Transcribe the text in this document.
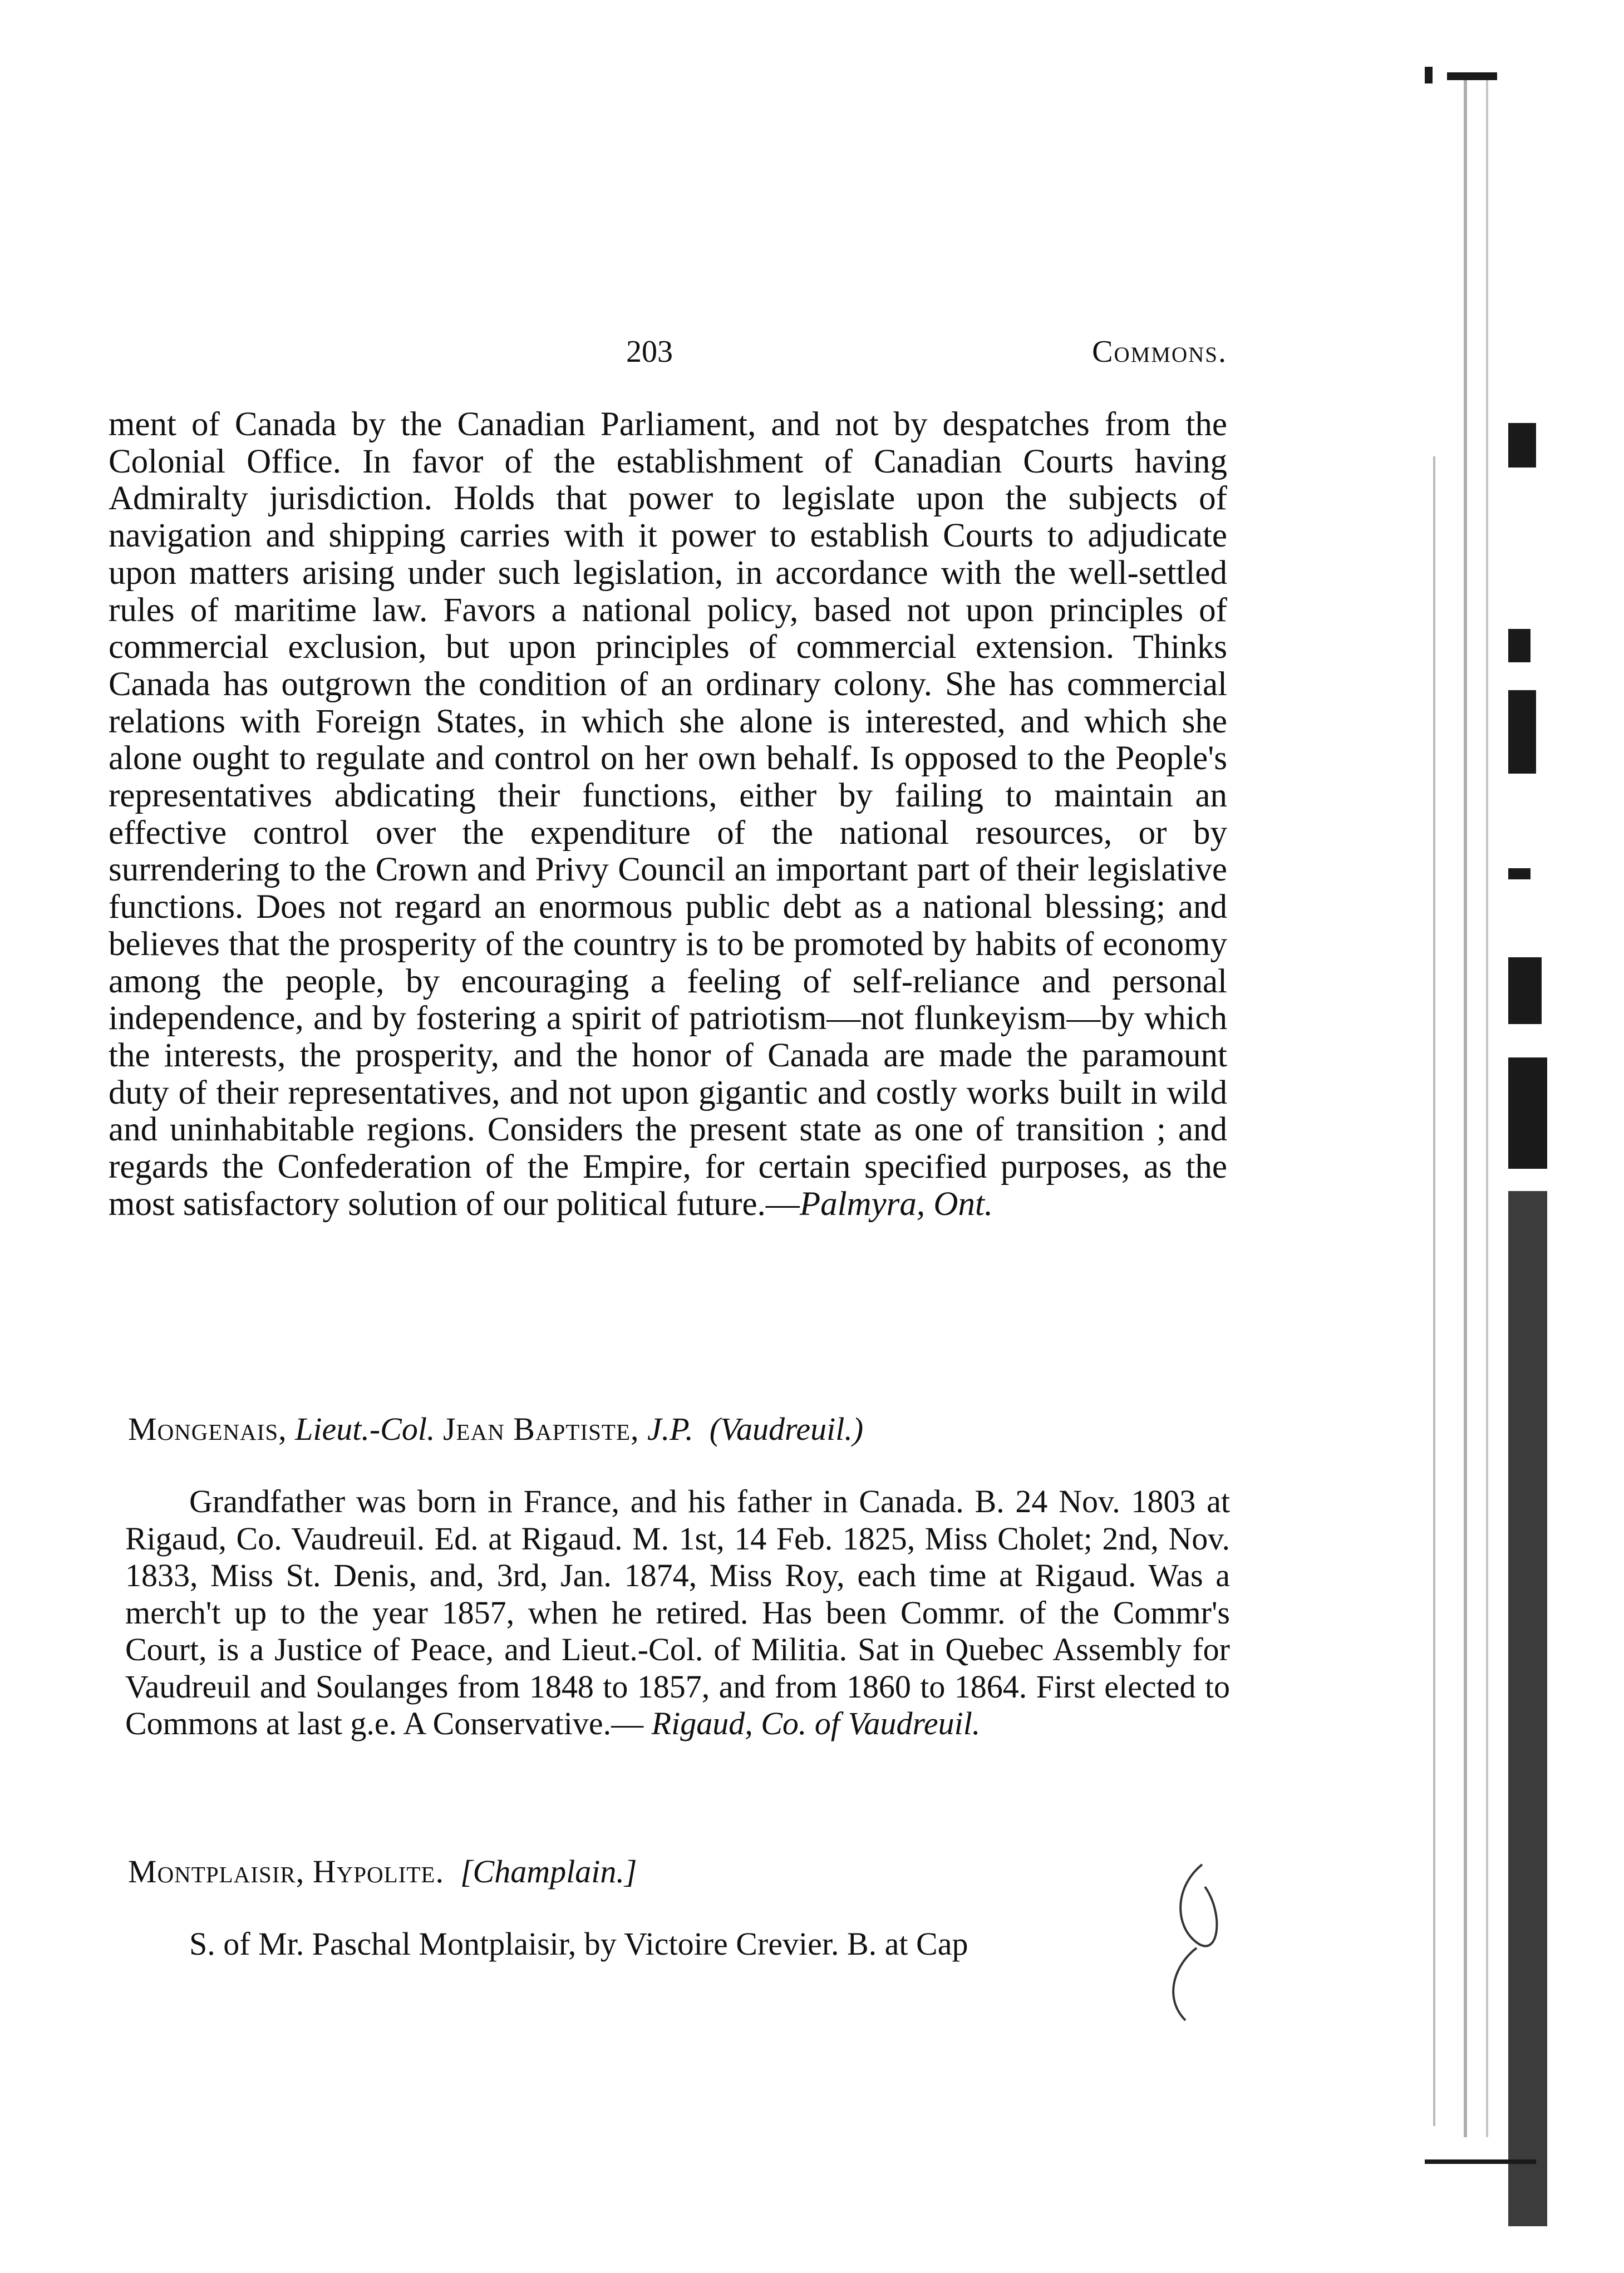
203	Commons.

ment of Canada by the Canadian Parliament, and not by despatches from the Colonial Office. In favor of the establishment of Canadian Courts having Admiralty jurisdiction. Holds that power to legislate upon the subjects of navigation and shipping carries with it power to establish Courts to adjudicate upon matters arising under such legislation, in accordance with the well-settled rules of maritime law. Favors a national policy, based not upon principles of commercial exclusion, but upon principles of commercial extension. Thinks Canada has outgrown the condition of an ordinary colony. She has commercial relations with Foreign States, in which she alone is interested, and which she alone ought to regulate and control on her own behalf. Is opposed to the People's representatives abdicating their functions, either by failing to maintain an effective control over the expenditure of the national resources, or by surrendering to the Crown and Privy Council an important part of their legislative functions. Does not regard an enormous public debt as a national blessing; and believes that the prosperity of the country is to be promoted by habits of economy among the people, by encouraging a feeling of self-reliance and personal independence, and by fostering a spirit of patriotism—not flunkeyism—by which the interests, the prosperity, and the honor of Canada are made the paramount duty of their representatives, and not upon gigantic and costly works built in wild and uninhabitable regions. Considers the present state as one of transition ; and regards the Confederation of the Empire, for certain specified purposes, as the most satisfactory solution of our political future.—Palmyra, Ont.

Mongenais, Lieut.-Col. Jean Baptiste, J.P. (Vaudreuil.)

Grandfather was born in France, and his father in Canada. B. 24 Nov. 1803 at Rigaud, Co. Vaudreuil. Ed. at Rigaud. M. 1st, 14 Feb. 1825, Miss Cholet; 2nd, Nov. 1833, Miss St. Denis, and, 3rd, Jan. 1874, Miss Roy, each time at Rigaud. Was a merch't up to the year 1857, when he retired. Has been Commr. of the Commr's Court, is a Justice of Peace, and Lieut.-Col. of Militia. Sat in Quebec Assembly for Vaudreuil and Soulanges from 1848 to 1857, and from 1860 to 1864. First elected to Commons at last g.e. A Conservative.— Rigaud, Co. of Vaudreuil.

Montplaisir, Hypolite. [Champlain.]
S. of Mr. Paschal Montplaisir, by Victoire Crevier. B. at Cap
